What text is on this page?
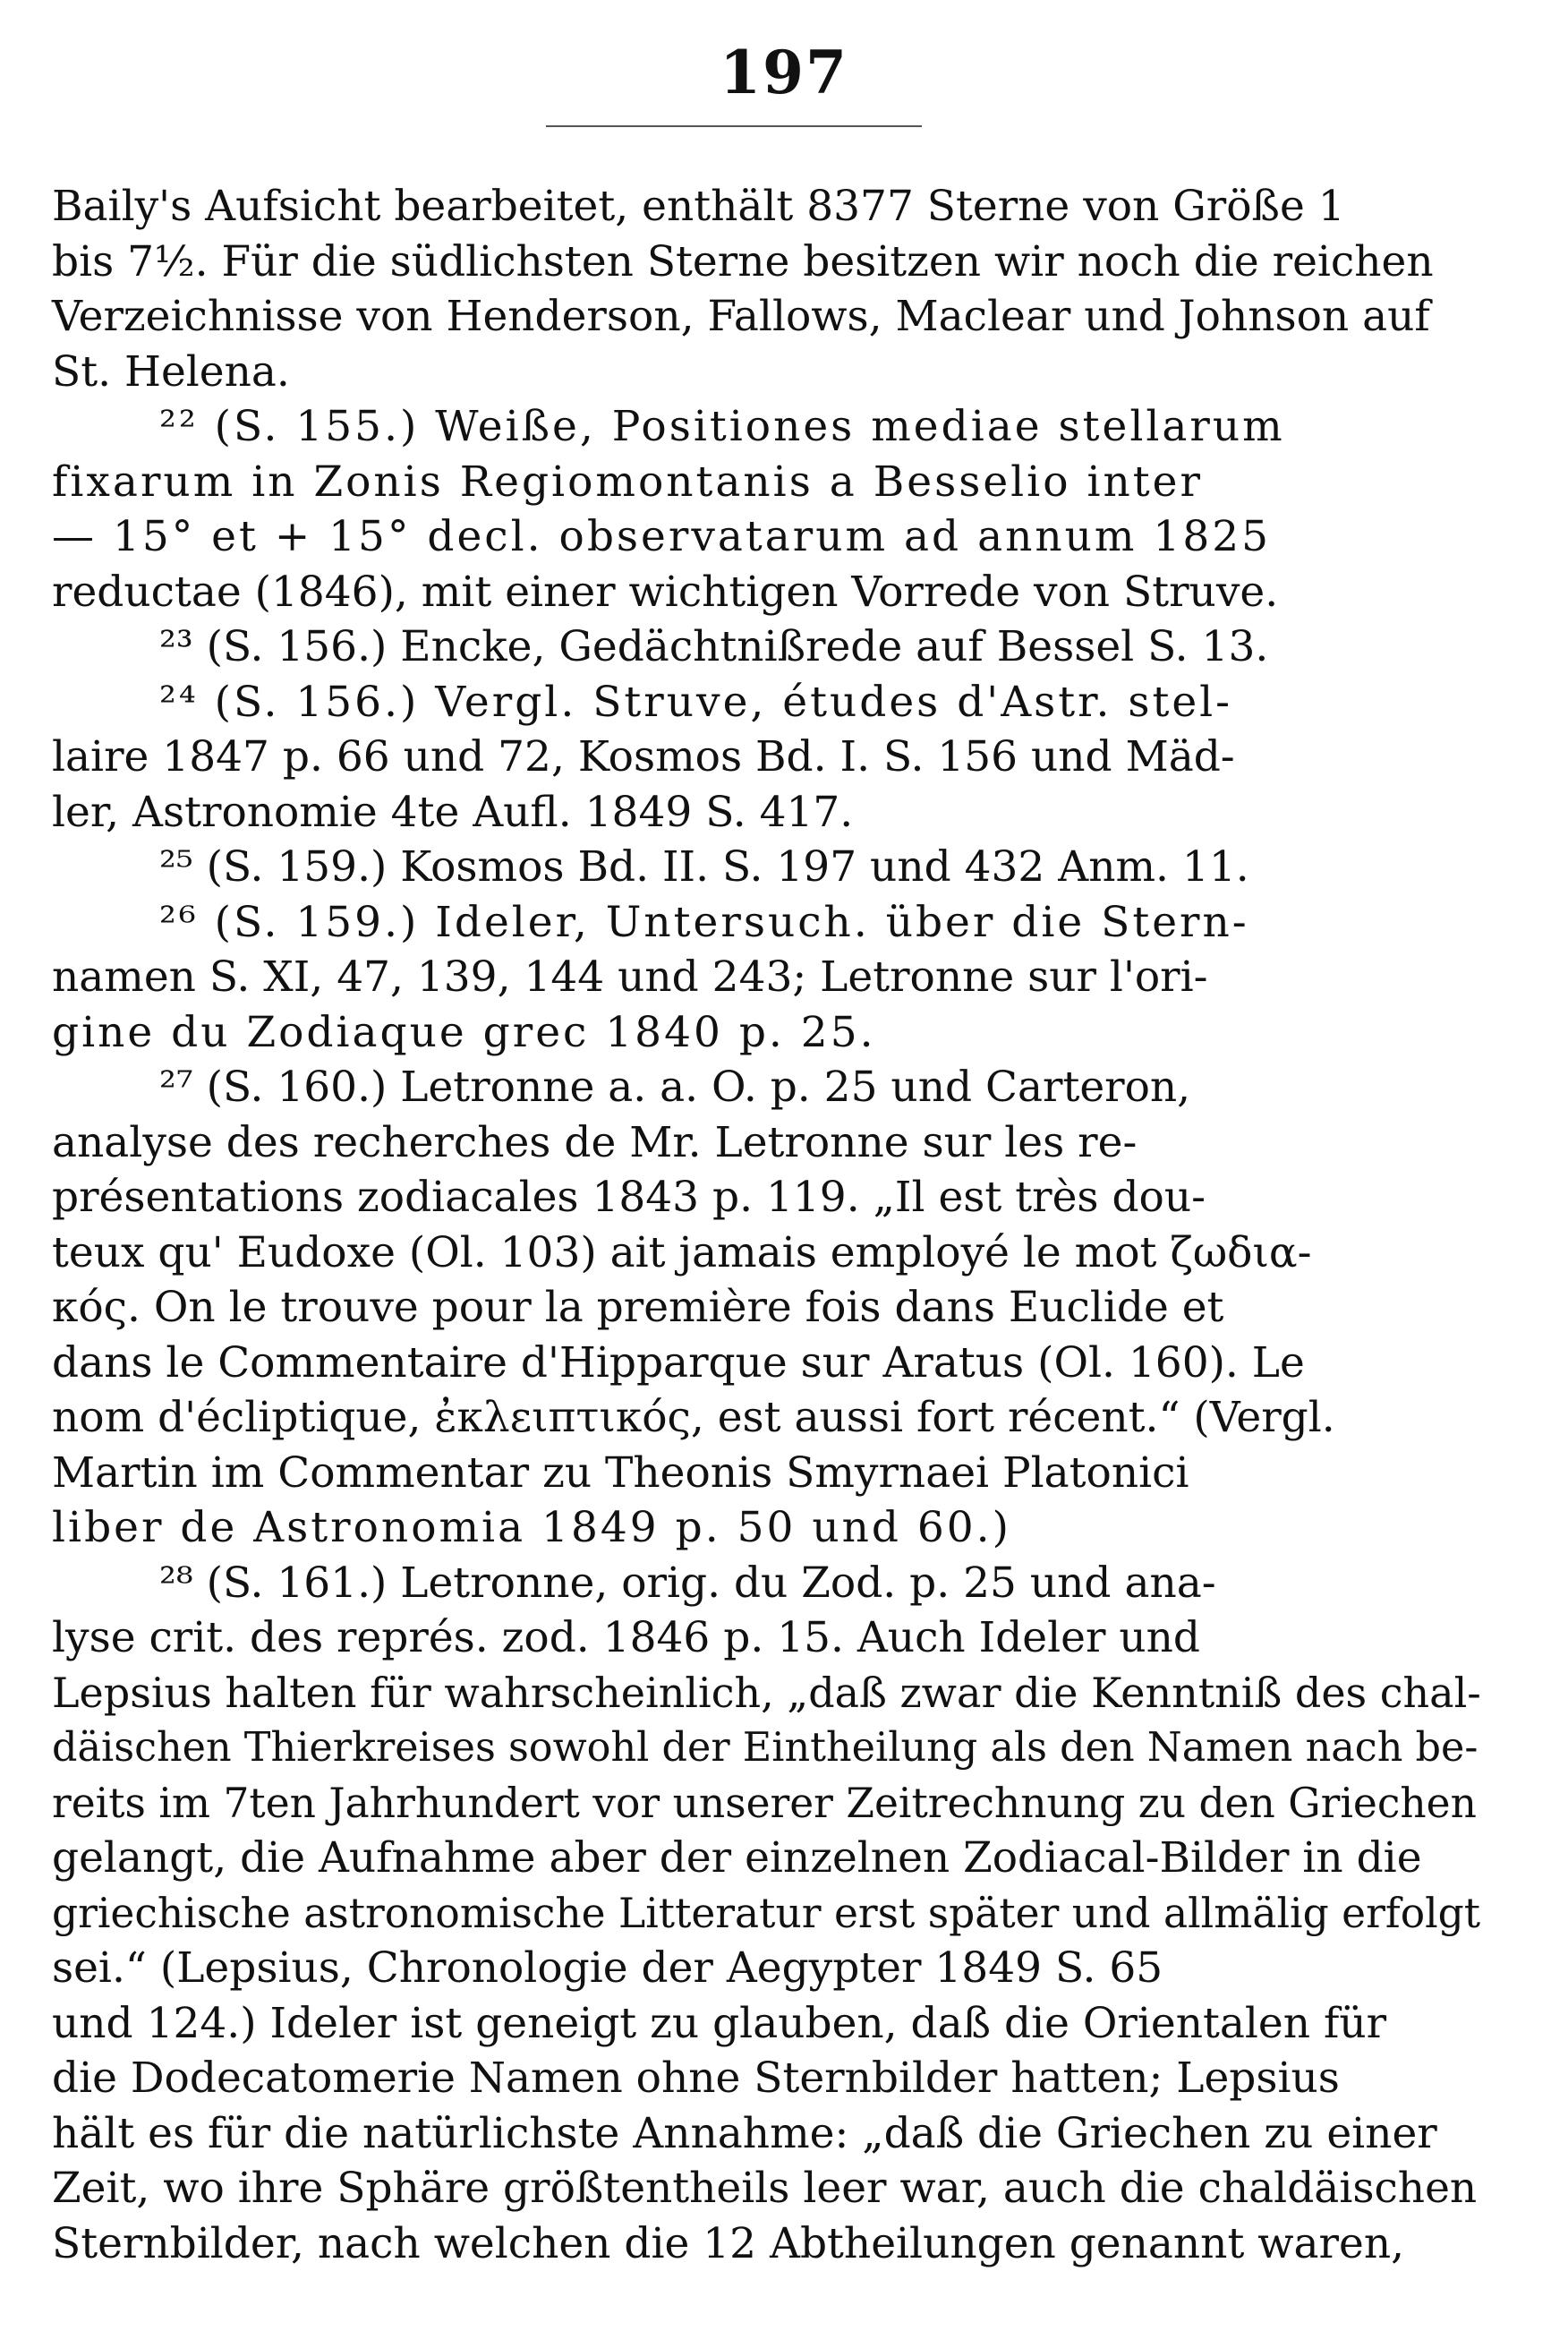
197
Baily's Aufsicht bearbeitet, enthält 8377 Sterne von Größe 1
bis 7½. Für die südlichsten Sterne besitzen wir noch die reichen
Verzeichnisse von Henderson, Fallows, Maclear und Johnson auf
St. Helena.
²² (S. 155.) Weiße, Positiones mediae stellarum
fixarum in Zonis Regiomontanis a Besselio inter
— 15° et + 15° decl. observatarum ad annum 1825
reductae (1846), mit einer wichtigen Vorrede von Struve.
²³ (S. 156.) Encke, Gedächtnißrede auf Bessel S. 13.
²⁴ (S. 156.) Vergl. Struve, études d'Astr. stel-
laire 1847 p. 66 und 72, Kosmos Bd. I. S. 156 und Mäd-
ler, Astronomie 4te Aufl. 1849 S. 417.
²⁵ (S. 159.) Kosmos Bd. II. S. 197 und 432 Anm. 11.
²⁶ (S. 159.) Ideler, Untersuch. über die Stern-
namen S. XI, 47, 139, 144 und 243; Letronne sur l'ori-
gine du Zodiaque grec 1840 p. 25.
²⁷ (S. 160.) Letronne a. a. O. p. 25 und Carteron,
analyse des recherches de Mr. Letronne sur les re-
présentations zodiacales 1843 p. 119. „Il est très dou-
teux qu' Eudoxe (Ol. 103) ait jamais employé le mot ζωδια-
κός. On le trouve pour la première fois dans Euclide et
dans le Commentaire d'Hipparque sur Aratus (Ol. 160). Le
nom d'écliptique, ἐκλειπτικός, est aussi fort récent.“ (Vergl.
Martin im Commentar zu Theonis Smyrnaei Platonici
liber de Astronomia 1849 p. 50 und 60.)
²⁸ (S. 161.) Letronne, orig. du Zod. p. 25 und ana-
lyse crit. des représ. zod. 1846 p. 15. Auch Ideler und
Lepsius halten für wahrscheinlich, „daß zwar die Kenntniß des chal-
däischen Thierkreises sowohl der Eintheilung als den Namen nach be-
reits im 7ten Jahrhundert vor unserer Zeitrechnung zu den Griechen
gelangt, die Aufnahme aber der einzelnen Zodiacal-Bilder in die
griechische astronomische Litteratur erst später und allmälig erfolgt
sei.“ (Lepsius, Chronologie der Aegypter 1849 S. 65
und 124.) Ideler ist geneigt zu glauben, daß die Orientalen für
die Dodecatomerie Namen ohne Sternbilder hatten; Lepsius
hält es für die natürlichste Annahme: „daß die Griechen zu einer
Zeit, wo ihre Sphäre größtentheils leer war, auch die chaldäischen
Sternbilder, nach welchen die 12 Abtheilungen genannt waren,
